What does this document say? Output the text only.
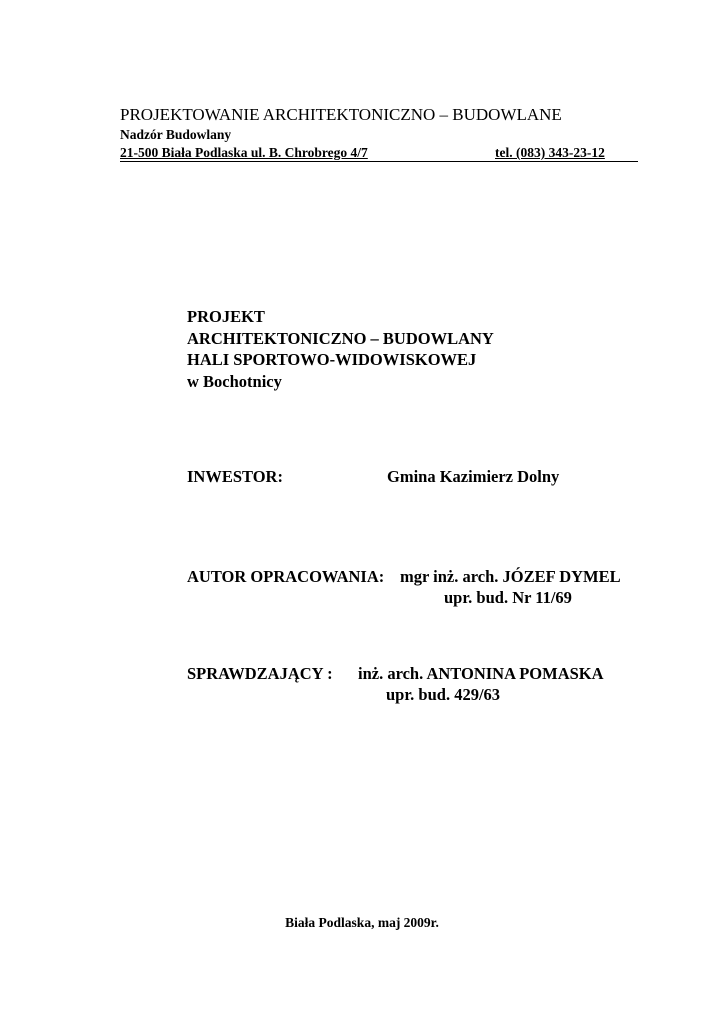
PROJEKTOWANIE ARCHITEKTONICZNO – BUDOWLANE
Nadzór Budowlany
21-500 Biała Podlaska ul. B. Chrobrego 4/7	tel. (083) 343-23-12
PROJEKT
ARCHITEKTONICZNO – BUDOWLANY
HALI SPORTOWO-WIDOWISKOWEJ
w Bochotnicy
INWESTOR:	Gmina Kazimierz Dolny
AUTOR OPRACOWANIA: mgr inż. arch. JÓZEF DYMEL
upr. bud. Nr 11/69
SPRAWDZAJĄCY : inż. arch. ANTONINA POMASKA
upr. bud. 429/63
Biała Podlaska, maj 2009r.
